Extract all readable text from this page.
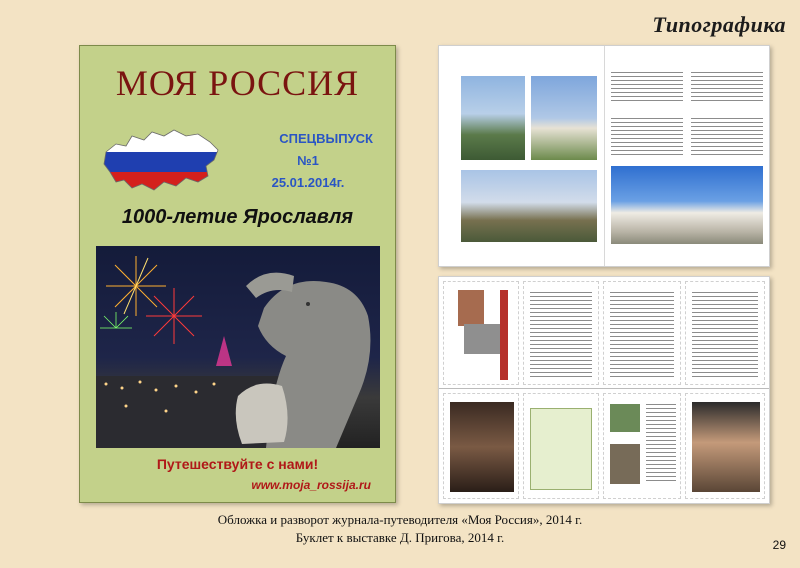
Типографика
МОЯ РОССИЯ
СПЕЦВЫПУСК
№1
25.01.2014г.
1000-летие Ярославля
Путешествуйте с нами!
www.moja_rossija.ru
Обложка и разворот журнала-путеводителя «Моя Россия», 2014 г.
Буклет к выставке Д. Пригова, 2014 г.	29
